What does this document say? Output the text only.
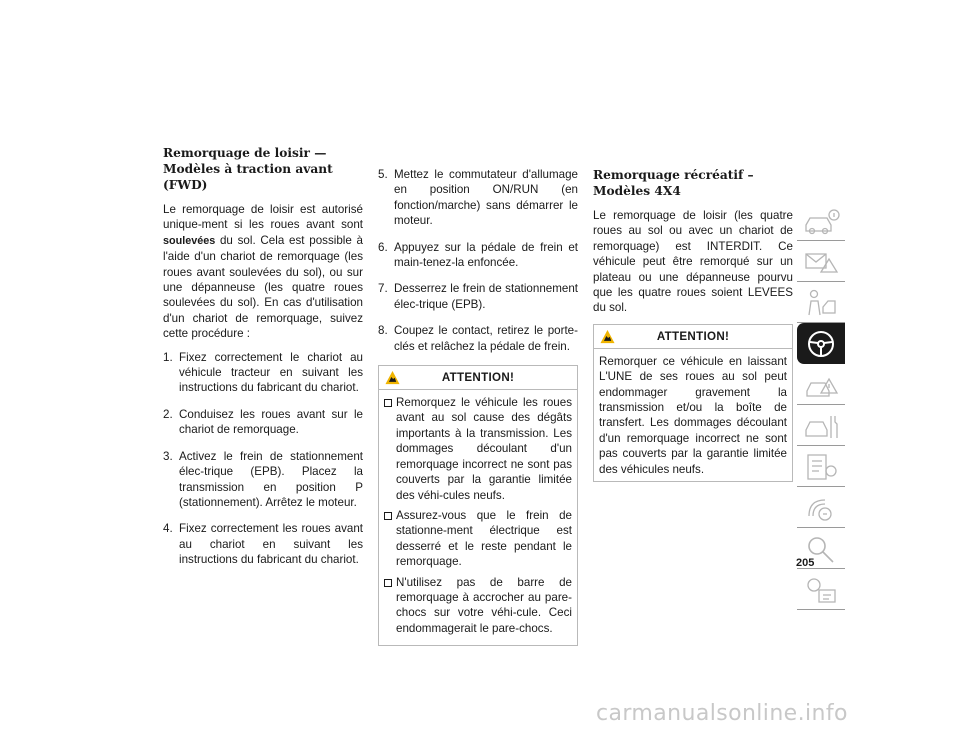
Remorquage de loisir — Modèles à traction avant (FWD)

Le remorquage de loisir est autorisé unique-ment si les roues avant sont soulevées du sol. Cela est possible à l'aide d'un chariot de remorquage (les roues avant soulevées du sol), ou sur une dépanneuse (les quatre roues soulevées du sol). En cas d'utilisation d'un chariot de remorquage, suivez cette procédure :

1. Fixez correctement le chariot au véhicule tracteur en suivant les instructions du fabricant du chariot.
2. Conduisez les roues avant sur le chariot de remorquage.
3. Activez le frein de stationnement élec-trique (EPB). Placez la transmission en position P (stationnement). Arrêtez le moteur.
4. Fixez correctement les roues avant au chariot en suivant les instructions du fabricant du chariot.
5. Mettez le commutateur d'allumage en position ON/RUN (en fonction/marche) sans démarrer le moteur.
6. Appuyez sur la pédale de frein et main-tenez-la enfoncée.
7. Desserrez le frein de stationnement élec-trique (EPB).
8. Coupez le contact, retirez le porte-clés et relâchez la pédale de frein.
ATTENTION!
Remorquez le véhicule les roues avant au sol cause des dégâts importants à la transmission. Les dommages découlant d'un remorquage incorrect ne sont pas couverts par la garantie limitée des véhi-cules neufs.
Assurez-vous que le frein de stationne-ment électrique est desserré et le reste pendant le remorquage.
N'utilisez pas de barre de remorquage à accrocher au pare-chocs sur votre véhi-cule. Ceci endommagerait le pare-chocs.
Remorquage récréatif – Modèles 4X4

Le remorquage de loisir (les quatre roues au sol ou avec un chariot de remorquage) est INTERDIT. Ce véhicule peut être remorqué sur un plateau ou une dépanneuse pourvu que les quatre roues soient LEVEES du sol.

ATTENTION!

Remorquer ce véhicule en laissant L'UNE de ses roues au sol peut endommager gravement la transmission et/ou la boîte de transfert. Les dommages découlant d'un remorquage incorrect ne sont pas couverts par la garantie limitée des véhicules neufs.

205
carmanualsonline.info
